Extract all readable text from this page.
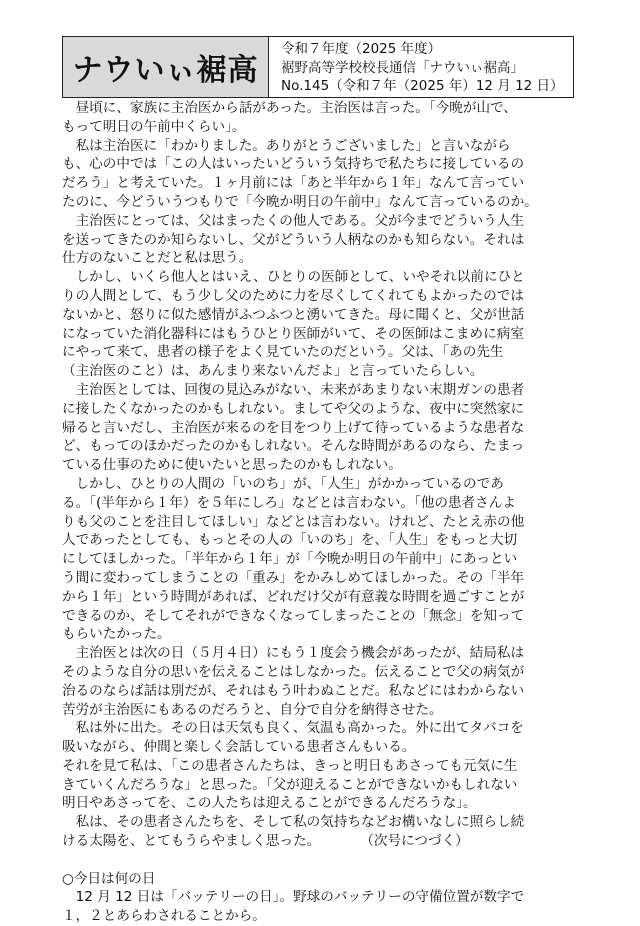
ナウいぃ裾高
令和７年度（2025 年度）
裾野高等学校校長通信「ナウいぃ裾高」
No.145（令和７年（2025 年）12 月 12 日）

　昼頃に、家族に主治医から話があった。主治医は言った。「今晩が山で、

もって明日の午前中くらい」。

　私は主治医に「わかりました。ありがとうございました」と言いながら

も、心の中では「この人はいったいどういう気持ちで私たちに接しているの

だろう」と考えていた。１ヶ月前には「あと半年から１年」なんて言ってい

たのに、今どういうつもりで「今晩か明日の午前中」なんて言っているのか。

　主治医にとっては、父はまったくの他人である。父が今までどういう人生

を送ってきたのか知らないし、父がどういう人柄なのかも知らない。それは

仕方のないことだと私は思う。

　しかし、いくら他人とはいえ、ひとりの医師として、いやそれ以前にひと

りの人間として、もう少し父のために力を尽くしてくれてもよかったのでは

ないかと、怒りに似た感情がふつふつと湧いてきた。母に聞くと、父が世話

になっていた消化器科にはもうひとり医師がいて、その医師はこまめに病室

にやって来て、患者の様子をよく見ていたのだという。父は、「あの先生

（主治医のこと）は、あんまり来ないんだよ」と言っていたらしい。

　主治医としては、回復の見込みがない、未来があまりない末期ガンの患者

に接したくなかったのかもしれない。ましてや父のような、夜中に突然家に

帰ると言いだし、主治医が来るのを目をつり上げて待っているような患者な

ど、もってのほかだったのかもしれない。そんな時間があるのなら、たまっ

ている仕事のために使いたいと思ったのかもしれない。

　しかし、ひとりの人間の「いのち」が、「人生」がかかっているのであ

る。「(半年から１年）を５年にしろ」などとは言わない。「他の患者さんよ

りも父のことを注目してほしい」などとは言わない。けれど、たとえ赤の他

人であったとしても、もっとその人の「いのち」を、「人生」をもっと大切

にしてほしかった。「半年から１年」が「今晩か明日の午前中」にあっとい

う間に変わってしまうことの「重み」をかみしめてほしかった。その「半年

から１年」という時間があれば、どれだけ父が有意義な時間を過ごすことが

できるのか、そしてそれができなくなってしまったことの「無念」を知って

もらいたかった。

　主治医とは次の日（５月４日）にもう１度会う機会があったが、結局私は

そのような自分の思いを伝えることはしなかった。伝えることで父の病気が

治るのならば話は別だが、それはもう叶わぬことだ。私などにはわからない

苦労が主治医にもあるのだろうと、自分で自分を納得させた。

　私は外に出た。その日は天気も良く、気温も高かった。外に出てタバコを

吸いながら、仲間と楽しく会話している患者さんもいる。

それを見て私は、「この患者さんたちは、きっと明日もあさっても元気に生

きていくんだろうな」と思った。「父が迎えることができないかもしれない

明日やあさってを、この人たちは迎えることができるんだろうな」。

　私は、その患者さんたちを、そして私の気持ちなどお構いなしに照らし続

ける太陽を、とてもうらやましく思った。	（次号につづく）

○今日は何の日

　12 月 12 日は「バッテリーの日」。野球のバッテリーの守備位置が数字で

１，２とあらわされることから。
